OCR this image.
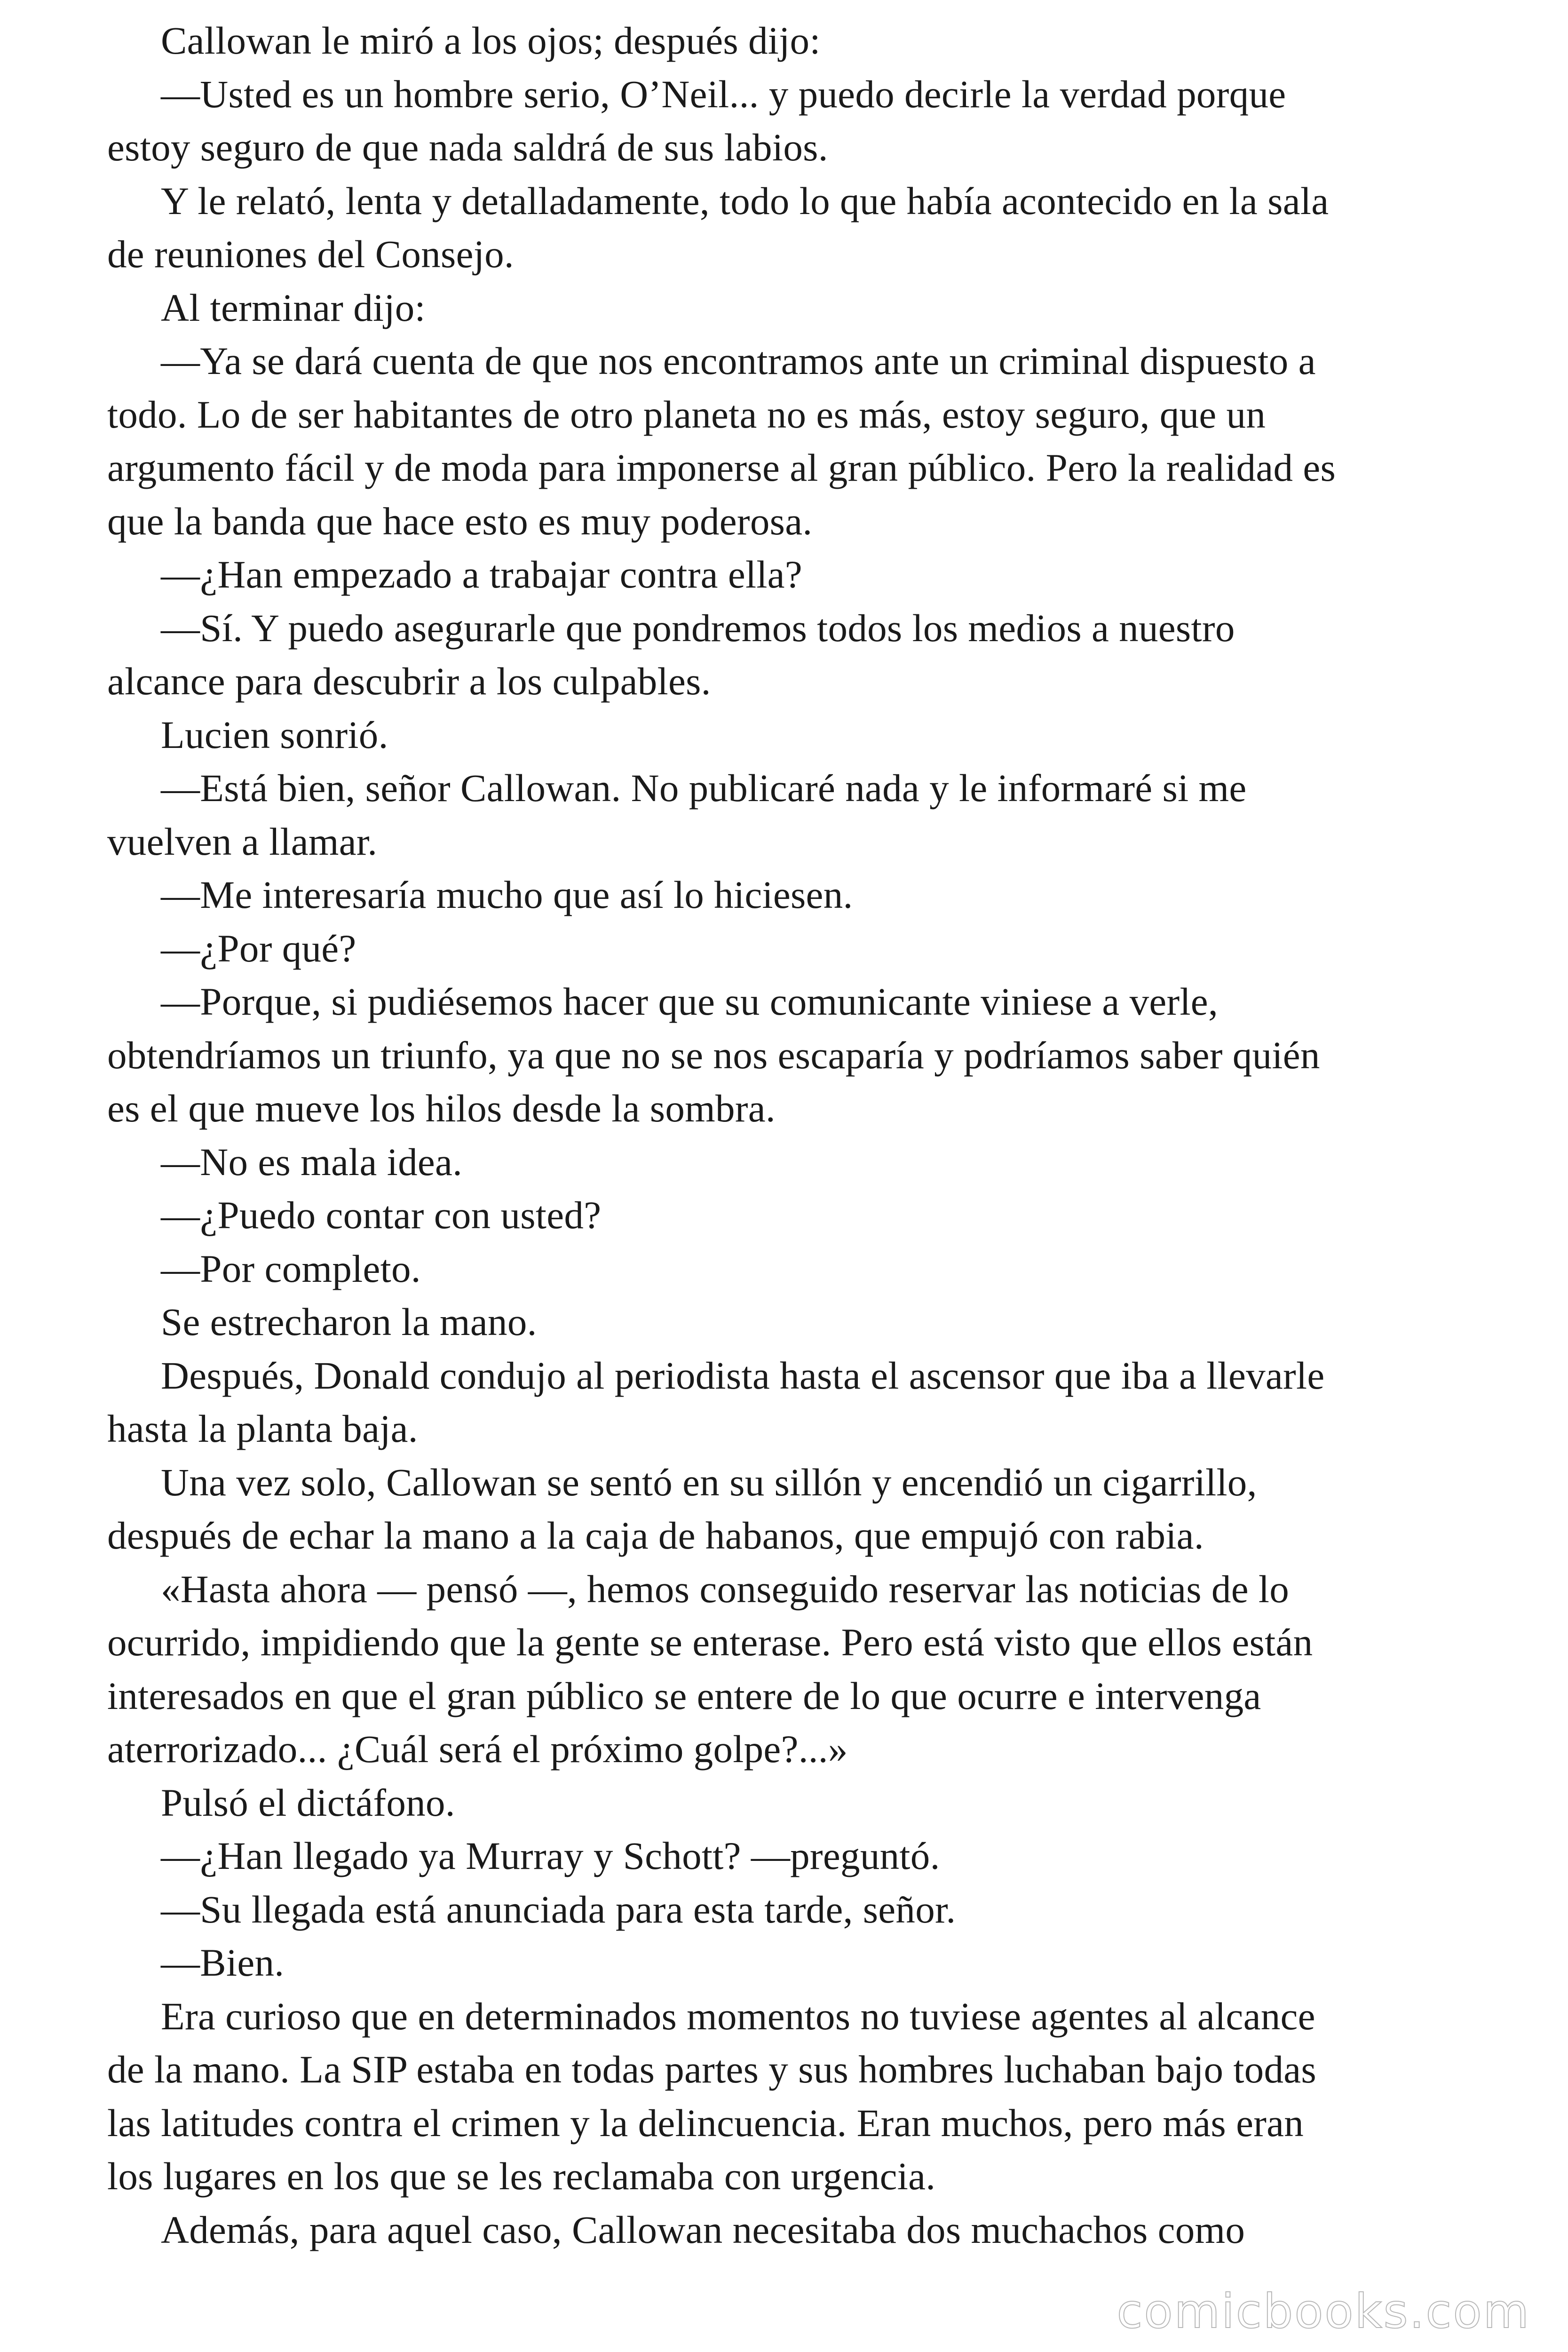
Callowan le miró a los ojos; después dijo:

—Usted es un hombre serio, O’Neil... y puedo decirle la verdad porque
estoy seguro de que nada saldrá de sus labios.

Y le relató, lenta y detalladamente, todo lo que había acontecido en la sala
de reuniones del Consejo.

Al terminar dijo:

—Ya se dará cuenta de que nos encontramos ante un criminal dispuesto a
todo. Lo de ser habitantes de otro planeta no es más, estoy seguro, que un
argumento fácil y de moda para imponerse al gran público. Pero la realidad es
que la banda que hace esto es muy poderosa.

—¿Han empezado a trabajar contra ella?

—Sí. Y puedo asegurarle que pondremos todos los medios a nuestro
alcance para descubrir a los culpables.

Lucien sonrió.

—Está bien, señor Callowan. No publicaré nada y le informaré si me
vuelven a llamar.

—Me interesaría mucho que así lo hiciesen.

—¿Por qué?

—Porque, si pudiésemos hacer que su comunicante viniese a verle,
obtendríamos un triunfo, ya que no se nos escaparía y podríamos saber quién
es el que mueve los hilos desde la sombra.

—No es mala idea.

—¿Puedo contar con usted?

—Por completo.

Se estrecharon la mano.

Después, Donald condujo al periodista hasta el ascensor que iba a llevarle
hasta la planta baja.

Una vez solo, Callowan se sentó en su sillón y encendió un cigarrillo,
después de echar la mano a la caja de habanos, que empujó con rabia.

«Hasta ahora — pensó —, hemos conseguido reservar las noticias de lo
ocurrido, impidiendo que la gente se enterase. Pero está visto que ellos están
interesados en que el gran público se entere de lo que ocurre e intervenga
aterrorizado... ¿Cuál será el próximo golpe?...»

Pulsó el dictáfono.

—¿Han llegado ya Murray y Schott? —preguntó.

—Su llegada está anunciada para esta tarde, señor.

—Bien.

Era curioso que en determinados momentos no tuviese agentes al alcance
de la mano. La SIP estaba en todas partes y sus hombres luchaban bajo todas
las latitudes contra el crimen y la delincuencia. Eran muchos, pero más eran
los lugares en los que se les reclamaba con urgencia.

Además, para aquel caso, Callowan necesitaba dos muchachos como

comicbooks.com
